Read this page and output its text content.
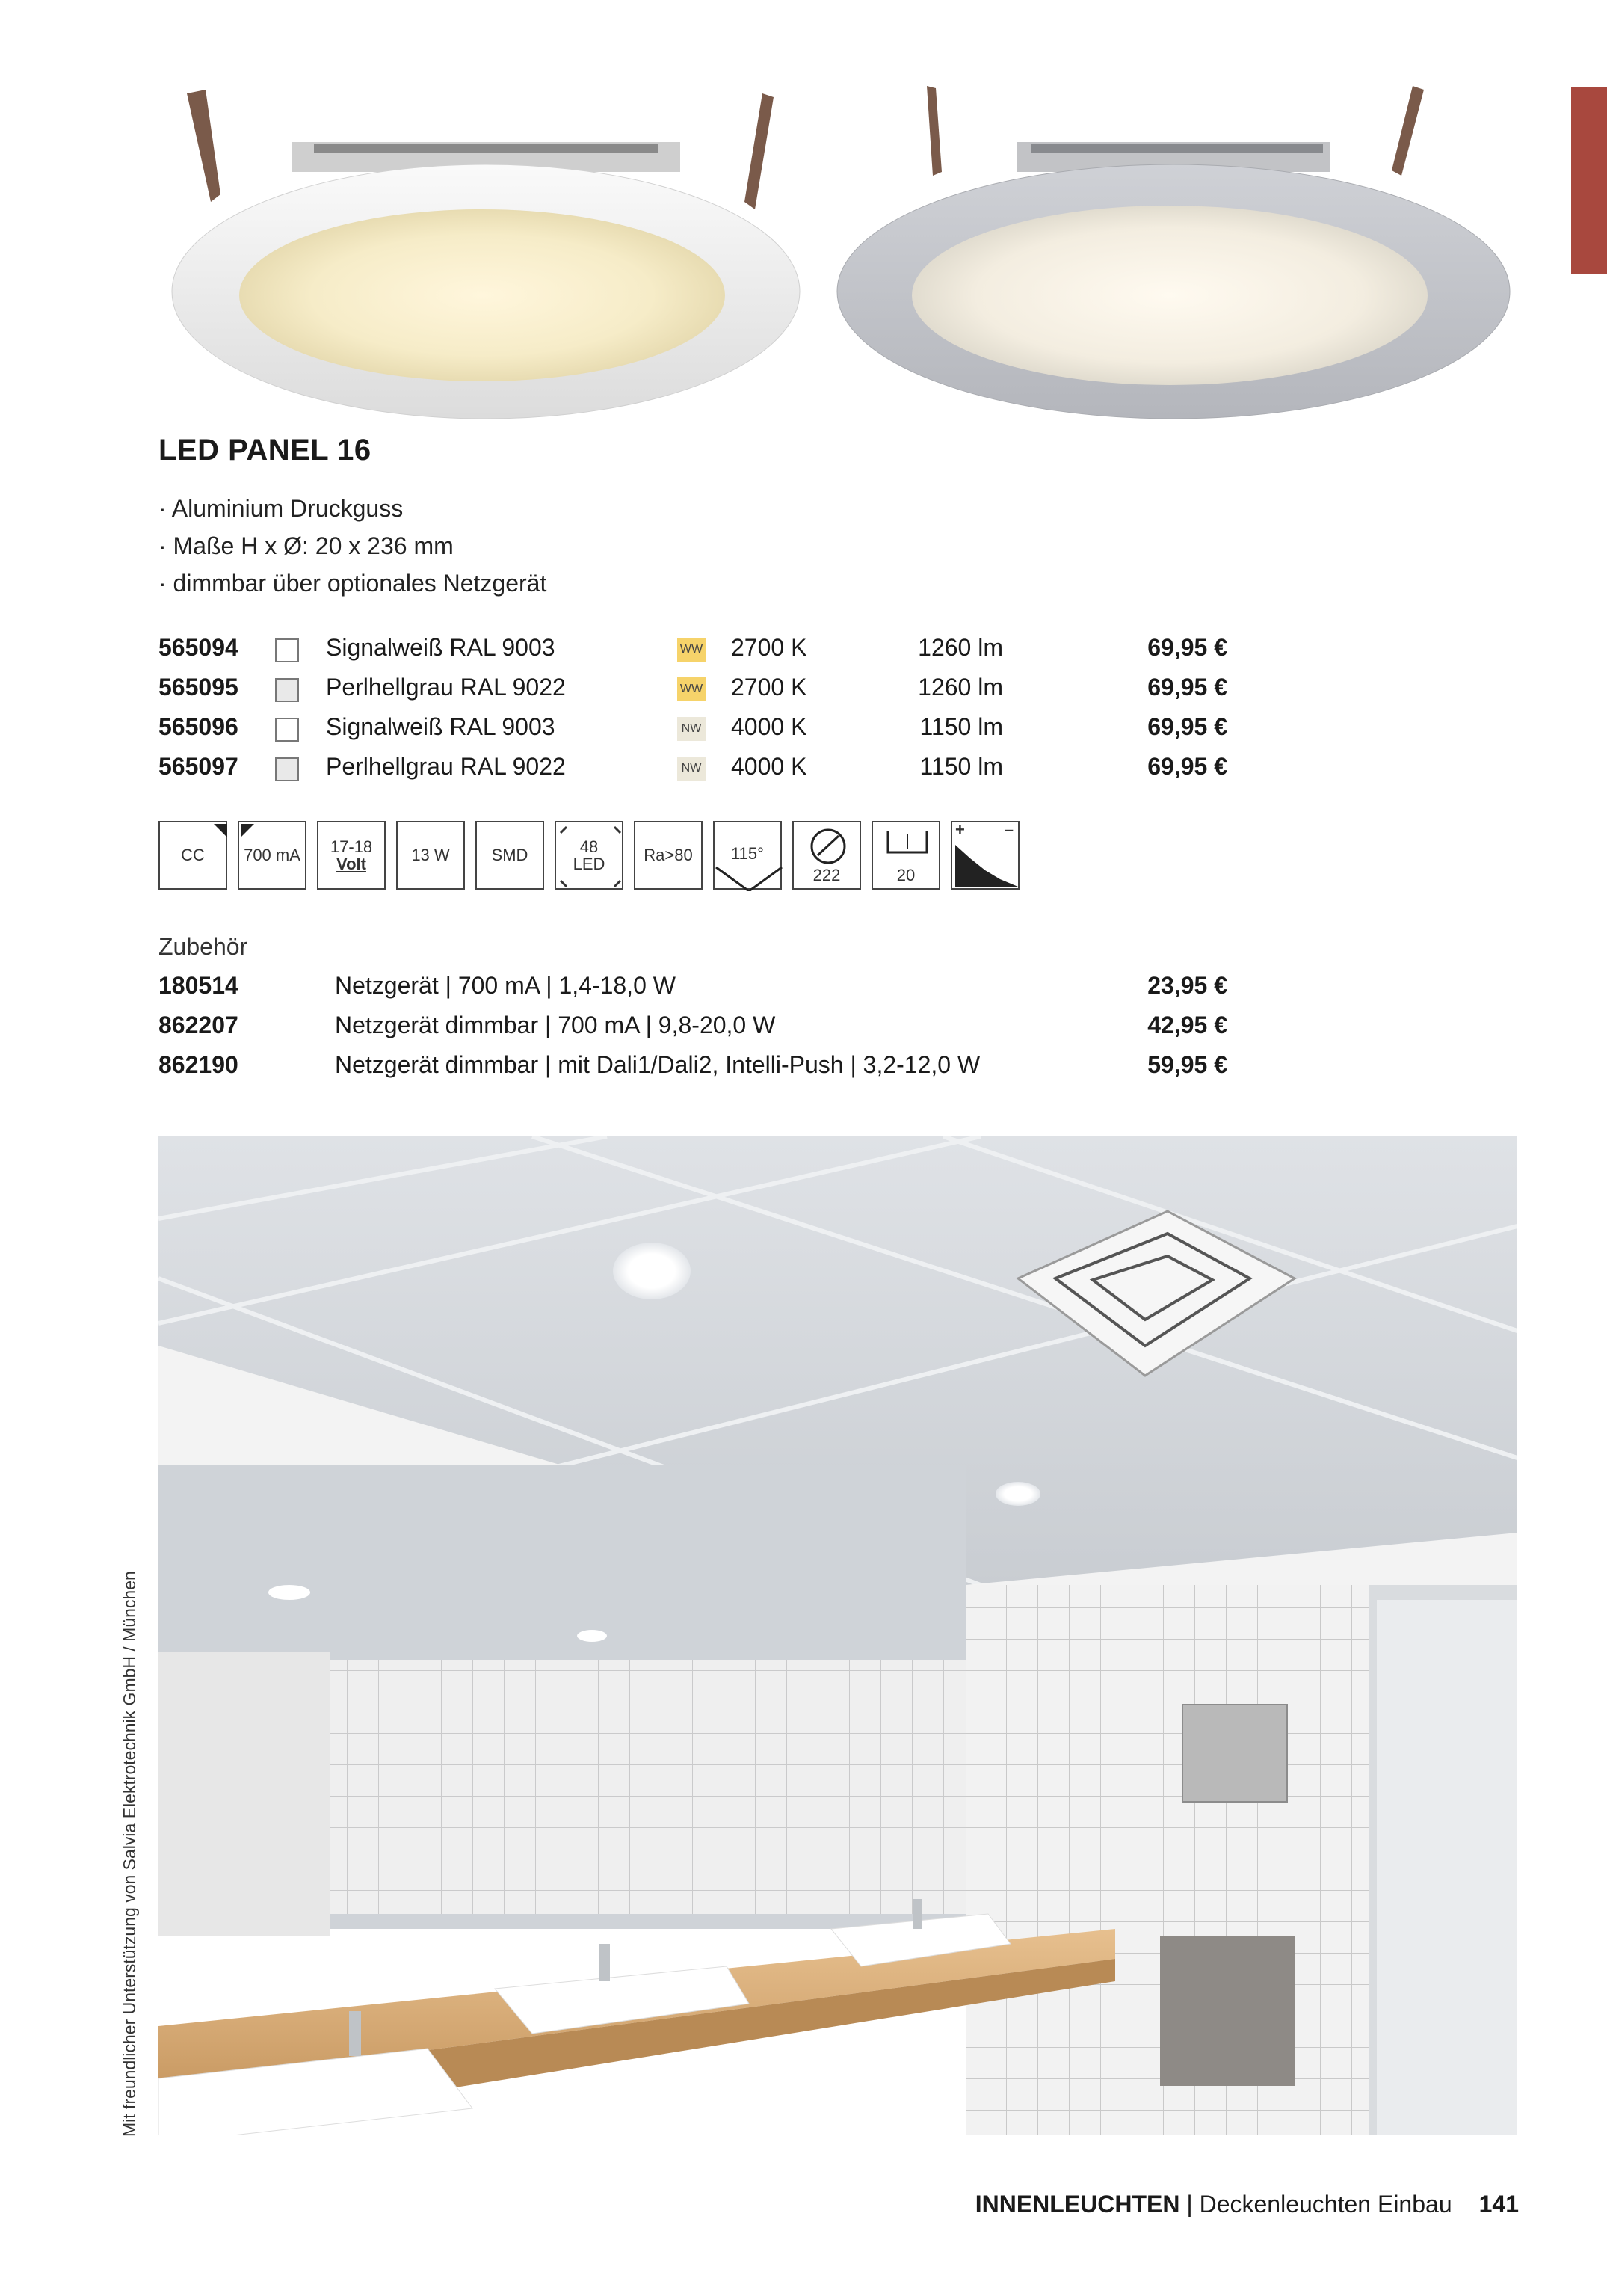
LED PANEL 16
· Aluminium Druckguss
· Maße H x Ø: 20 x 236 mm
· dimmbar über optionales Netzgerät
565094	Signalweiß RAL 9003	WW 2700 K	1260 lm	69,95 €
565095	Perlhellgrau RAL 9022	WW 2700 K	1260 lm	69,95 €
565096	Signalweiß RAL 9003	NW 4000 K	1150 lm	69,95 €
565097	Perlhellgrau RAL 9022	NW 4000 K	1150 lm	69,95 €
CC 700 mA 17-18
Volt	13 W	SMD	48
LED Ra>80 115°
222	20
+ –
Zubehör
180514	Netzgerät | 700 mA | 1,4-18,0 W	23,95 €
862207	Netzgerät dimmbar | 700 mA | 9,8-20,0 W	42,95 €
862190	Netzgerät dimmbar | mit Dali1/Dali2, Intelli-Push | 3,2-12,0 W	59,95 €
Mit freundlicher Unterstützung von Salvia Elektrotechnik GmbH / München
INNENLEUCHTEN | Deckenleuchten Einbau 141
